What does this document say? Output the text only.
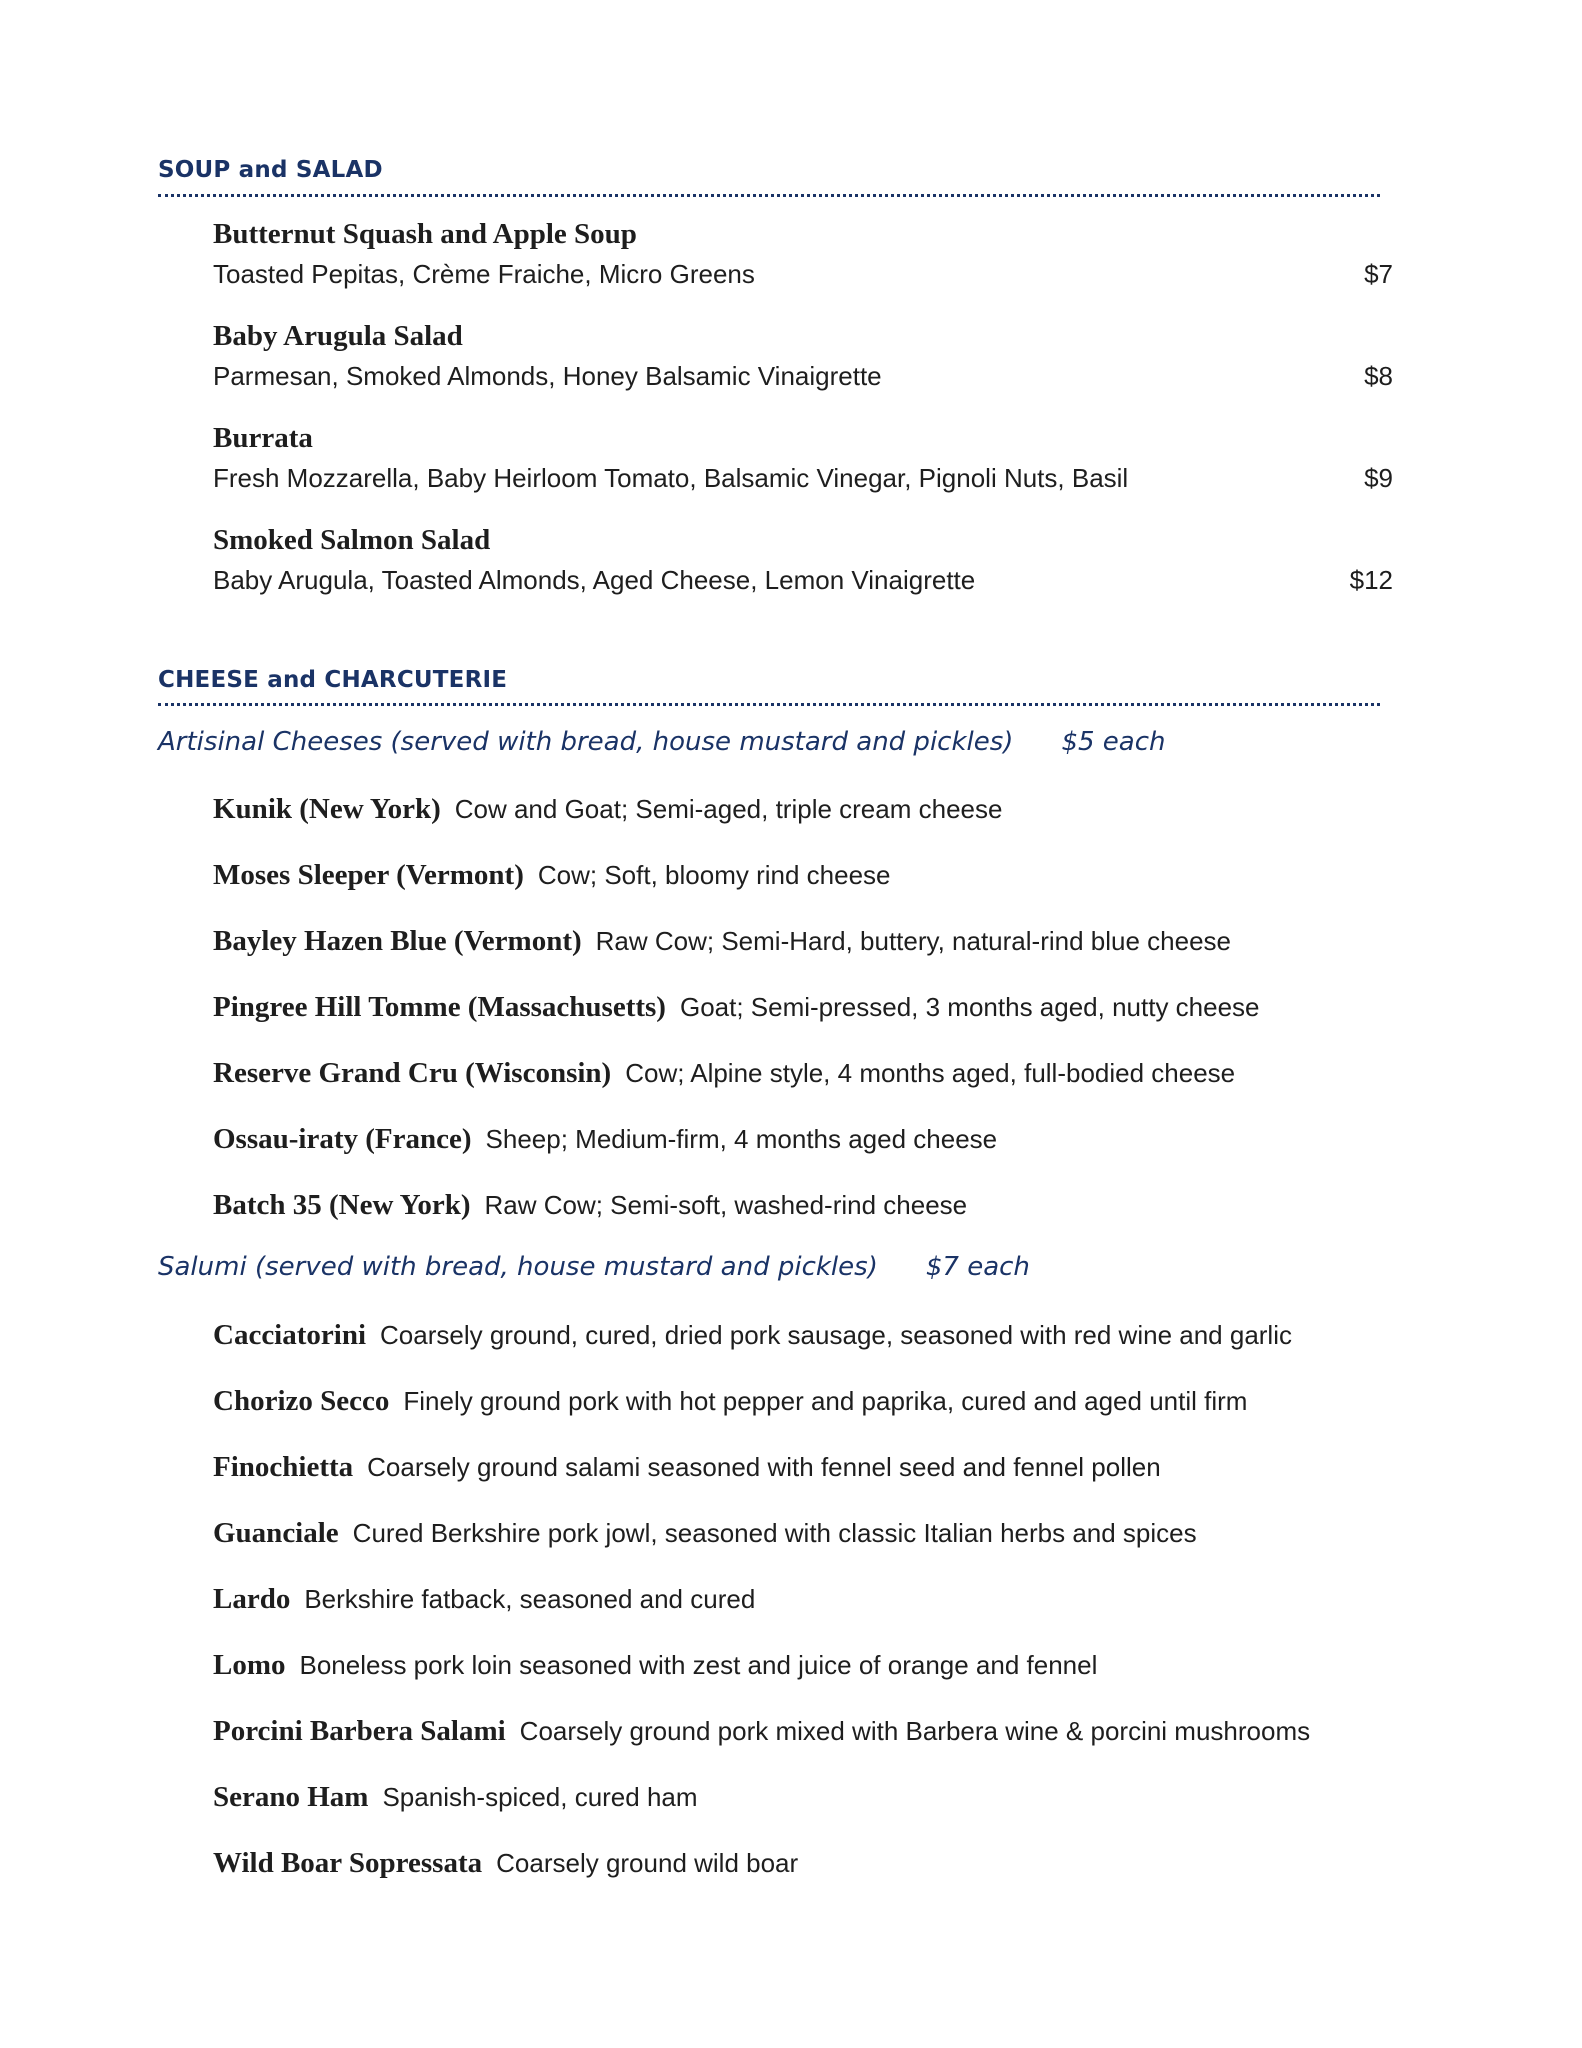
SOUP and SALAD
Butternut Squash and Apple Soup
Toasted Pepitas, Crème Fraiche, Micro Greens	$7
Baby Arugula Salad
Parmesan, Smoked Almonds, Honey Balsamic Vinaigrette	$8
Burrata
Fresh Mozzarella, Baby Heirloom Tomato, Balsamic Vinegar, Pignoli Nuts, Basil	$9
Smoked Salmon Salad
Baby Arugula, Toasted Almonds, Aged Cheese, Lemon Vinaigrette	$12
CHEESE and CHARCUTERIE
Artisinal Cheeses (served with bread, house mustard and pickles) $5 each
Kunik (New York) Cow and Goat; Semi-aged, triple cream cheese
Moses Sleeper (Vermont) Cow; Soft, bloomy rind cheese
Bayley Hazen Blue (Vermont) Raw Cow; Semi-Hard, buttery, natural-rind blue cheese
Pingree Hill Tomme (Massachusetts) Goat; Semi-pressed, 3 months aged, nutty cheese
Reserve Grand Cru (Wisconsin) Cow; Alpine style, 4 months aged, full-bodied cheese
Ossau-iraty (France) Sheep; Medium-firm, 4 months aged cheese
Batch 35 (New York) Raw Cow; Semi-soft, washed-rind cheese
Salumi (served with bread, house mustard and pickles) $7 each
Cacciatorini Coarsely ground, cured, dried pork sausage, seasoned with red wine and garlic
Chorizo Secco Finely ground pork with hot pepper and paprika, cured and aged until firm
Finochietta Coarsely ground salami seasoned with fennel seed and fennel pollen
Guanciale Cured Berkshire pork jowl, seasoned with classic Italian herbs and spices
Lardo Berkshire fatback, seasoned and cured
Lomo Boneless pork loin seasoned with zest and juice of orange and fennel
Porcini Barbera Salami Coarsely ground pork mixed with Barbera wine & porcini mushrooms
Serano Ham Spanish-spiced, cured ham
Wild Boar Sopressata Coarsely ground wild boar
